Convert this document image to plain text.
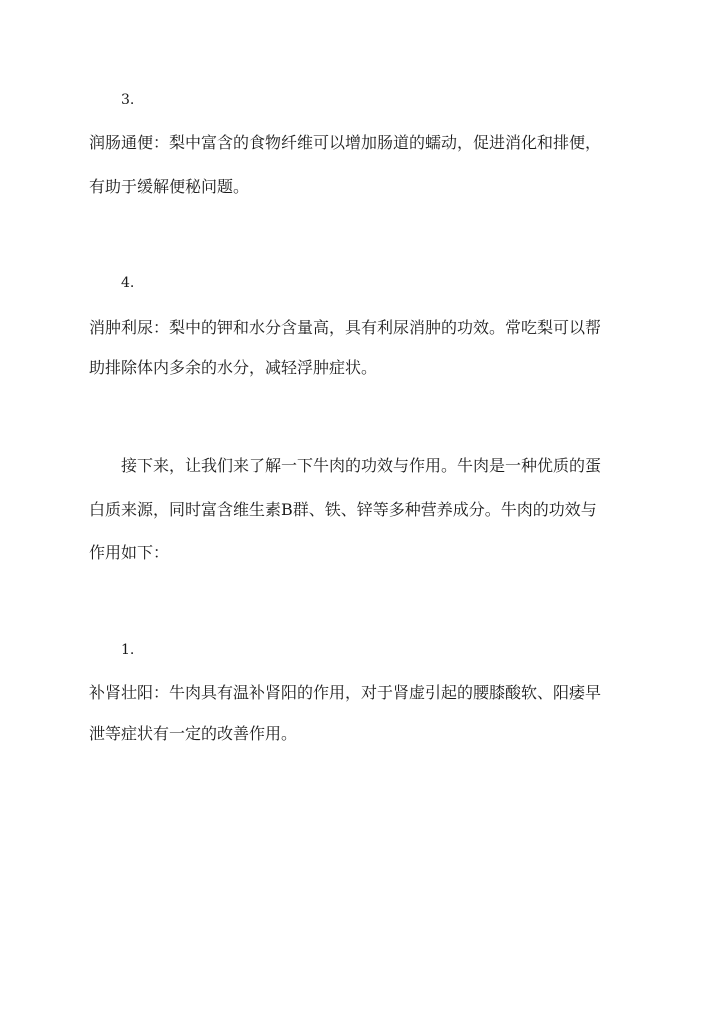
3.
润肠通便：梨中富含的食物纤维可以增加肠道的蠕动，促进消化和排便，
有助于缓解便秘问题。
4.
消肿利尿：梨中的钾和水分含量高，具有利尿消肿的功效。常吃梨可以帮
助排除体内多余的水分，减轻浮肿症状。
接下来，让我们来了解一下牛肉的功效与作用。牛肉是一种优质的蛋
白质来源，同时富含维生素B群、铁、锌等多种营养成分。牛肉的功效与
作用如下：
1.
补肾壮阳：牛肉具有温补肾阳的作用，对于肾虚引起的腰膝酸软、阳痿早
泄等症状有一定的改善作用。
